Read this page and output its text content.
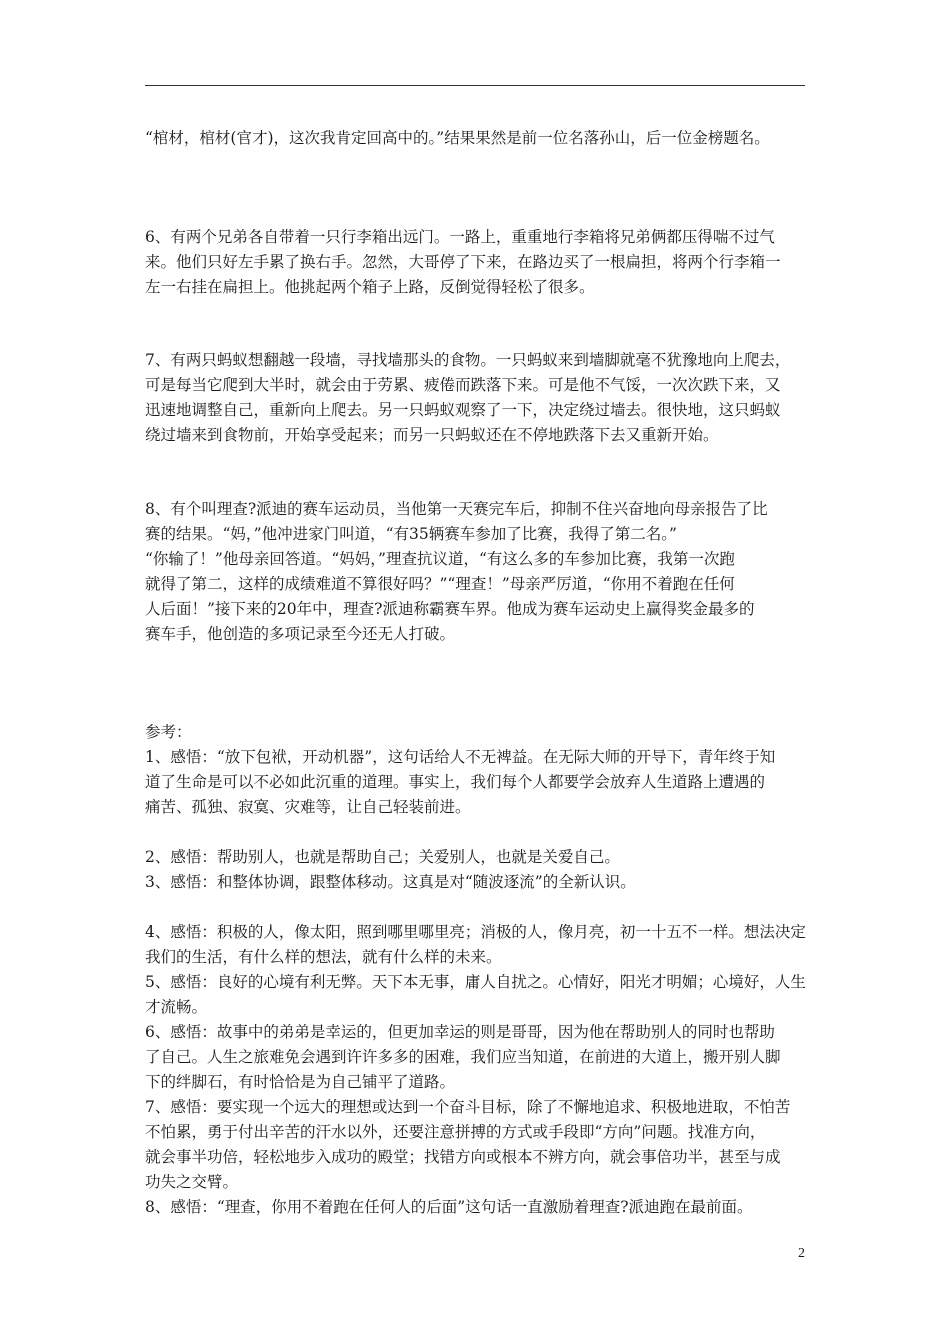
“棺材，棺材(官才)，这次我肯定回高中的。”结果果然是前一位名落孙山，后一位金榜题名。

6、有两个兄弟各自带着一只行李箱出远门。一路上，重重地行李箱将兄弟俩都压得喘不过气

来。他们只好左手累了换右手。忽然，大哥停了下来，在路边买了一根扁担，将两个行李箱一

左一右挂在扁担上。他挑起两个箱子上路，反倒觉得轻松了很多。

7、有两只蚂蚁想翻越一段墙，寻找墙那头的食物。一只蚂蚁来到墙脚就毫不犹豫地向上爬去，

可是每当它爬到大半时，就会由于劳累、疲倦而跌落下来。可是他不气馁，一次次跌下来，又

迅速地调整自己，重新向上爬去。另一只蚂蚁观察了一下，决定绕过墙去。很快地，这只蚂蚁

绕过墙来到食物前，开始享受起来；而另一只蚂蚁还在不停地跌落下去又重新开始。

8、有个叫理查?派迪的赛车运动员，当他第一天赛完车后，抑制不住兴奋地向母亲报告了比

赛的结果。“妈，”他冲进家门叫道，“有35辆赛车参加了比赛，我得了第二名。”

“你输了！”他母亲回答道。“妈妈，”理查抗议道，“有这么多的车参加比赛，我第一次跑

就得了第二，这样的成绩难道不算很好吗？”“理查！”母亲严厉道，“你用不着跑在任何

人后面！”接下来的20年中，理查?派迪称霸赛车界。他成为赛车运动史上赢得奖金最多的

赛车手，他创造的多项记录至今还无人打破。

参考：

1、感悟：“放下包袱，开动机器”，这句话给人不无裨益。在无际大师的开导下，青年终于知

道了生命是可以不必如此沉重的道理。事实上，我们每个人都要学会放弃人生道路上遭遇的

痛苦、孤独、寂寞、灾难等，让自己轻装前进。

2、感悟：帮助别人，也就是帮助自己；关爱别人，也就是关爱自己。

3、感悟：和整体协调，跟整体移动。这真是对“随波逐流”的全新认识。

4、感悟：积极的人，像太阳，照到哪里哪里亮；消极的人，像月亮，初一十五不一样。想法决定

我们的生活，有什么样的想法，就有什么样的未来。

5、感悟：良好的心境有利无弊。天下本无事，庸人自扰之。心情好，阳光才明媚；心境好，人生

才流畅。

6、感悟：故事中的弟弟是幸运的，但更加幸运的则是哥哥，因为他在帮助别人的同时也帮助

了自己。人生之旅难免会遇到许许多多的困难，我们应当知道，在前进的大道上，搬开别人脚

下的绊脚石，有时恰恰是为自己铺平了道路。

7、感悟：要实现一个远大的理想或达到一个奋斗目标，除了不懈地追求、积极地进取，不怕苦

不怕累，勇于付出辛苦的汗水以外，还要注意拼搏的方式或手段即“方向”问题。找准方向，

就会事半功倍，轻松地步入成功的殿堂；找错方向或根本不辨方向，就会事倍功半，甚至与成

功失之交臂。

8、感悟：“理查，你用不着跑在任何人的后面”这句话一直激励着理查?派迪跑在最前面。

2
